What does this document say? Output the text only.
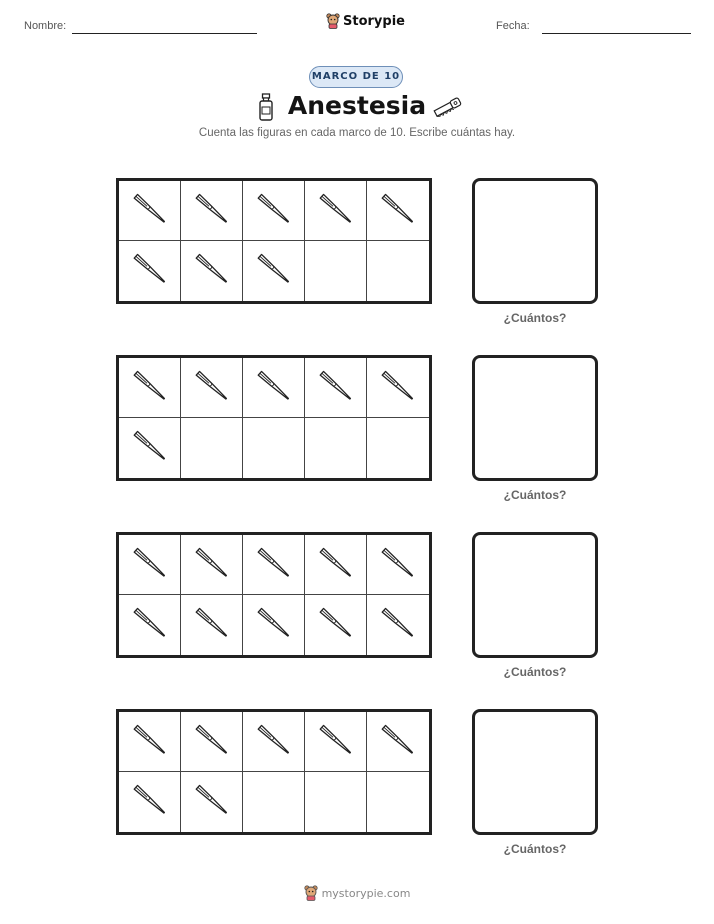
Nombre:	Storypie	Fecha:
MARCO DE 10
Anestesia
Cuenta las figuras en cada marco de 10. Escribe cuántas hay.
¿Cuántos?
¿Cuántos?
¿Cuántos?
¿Cuántos?
mystorypie.com
